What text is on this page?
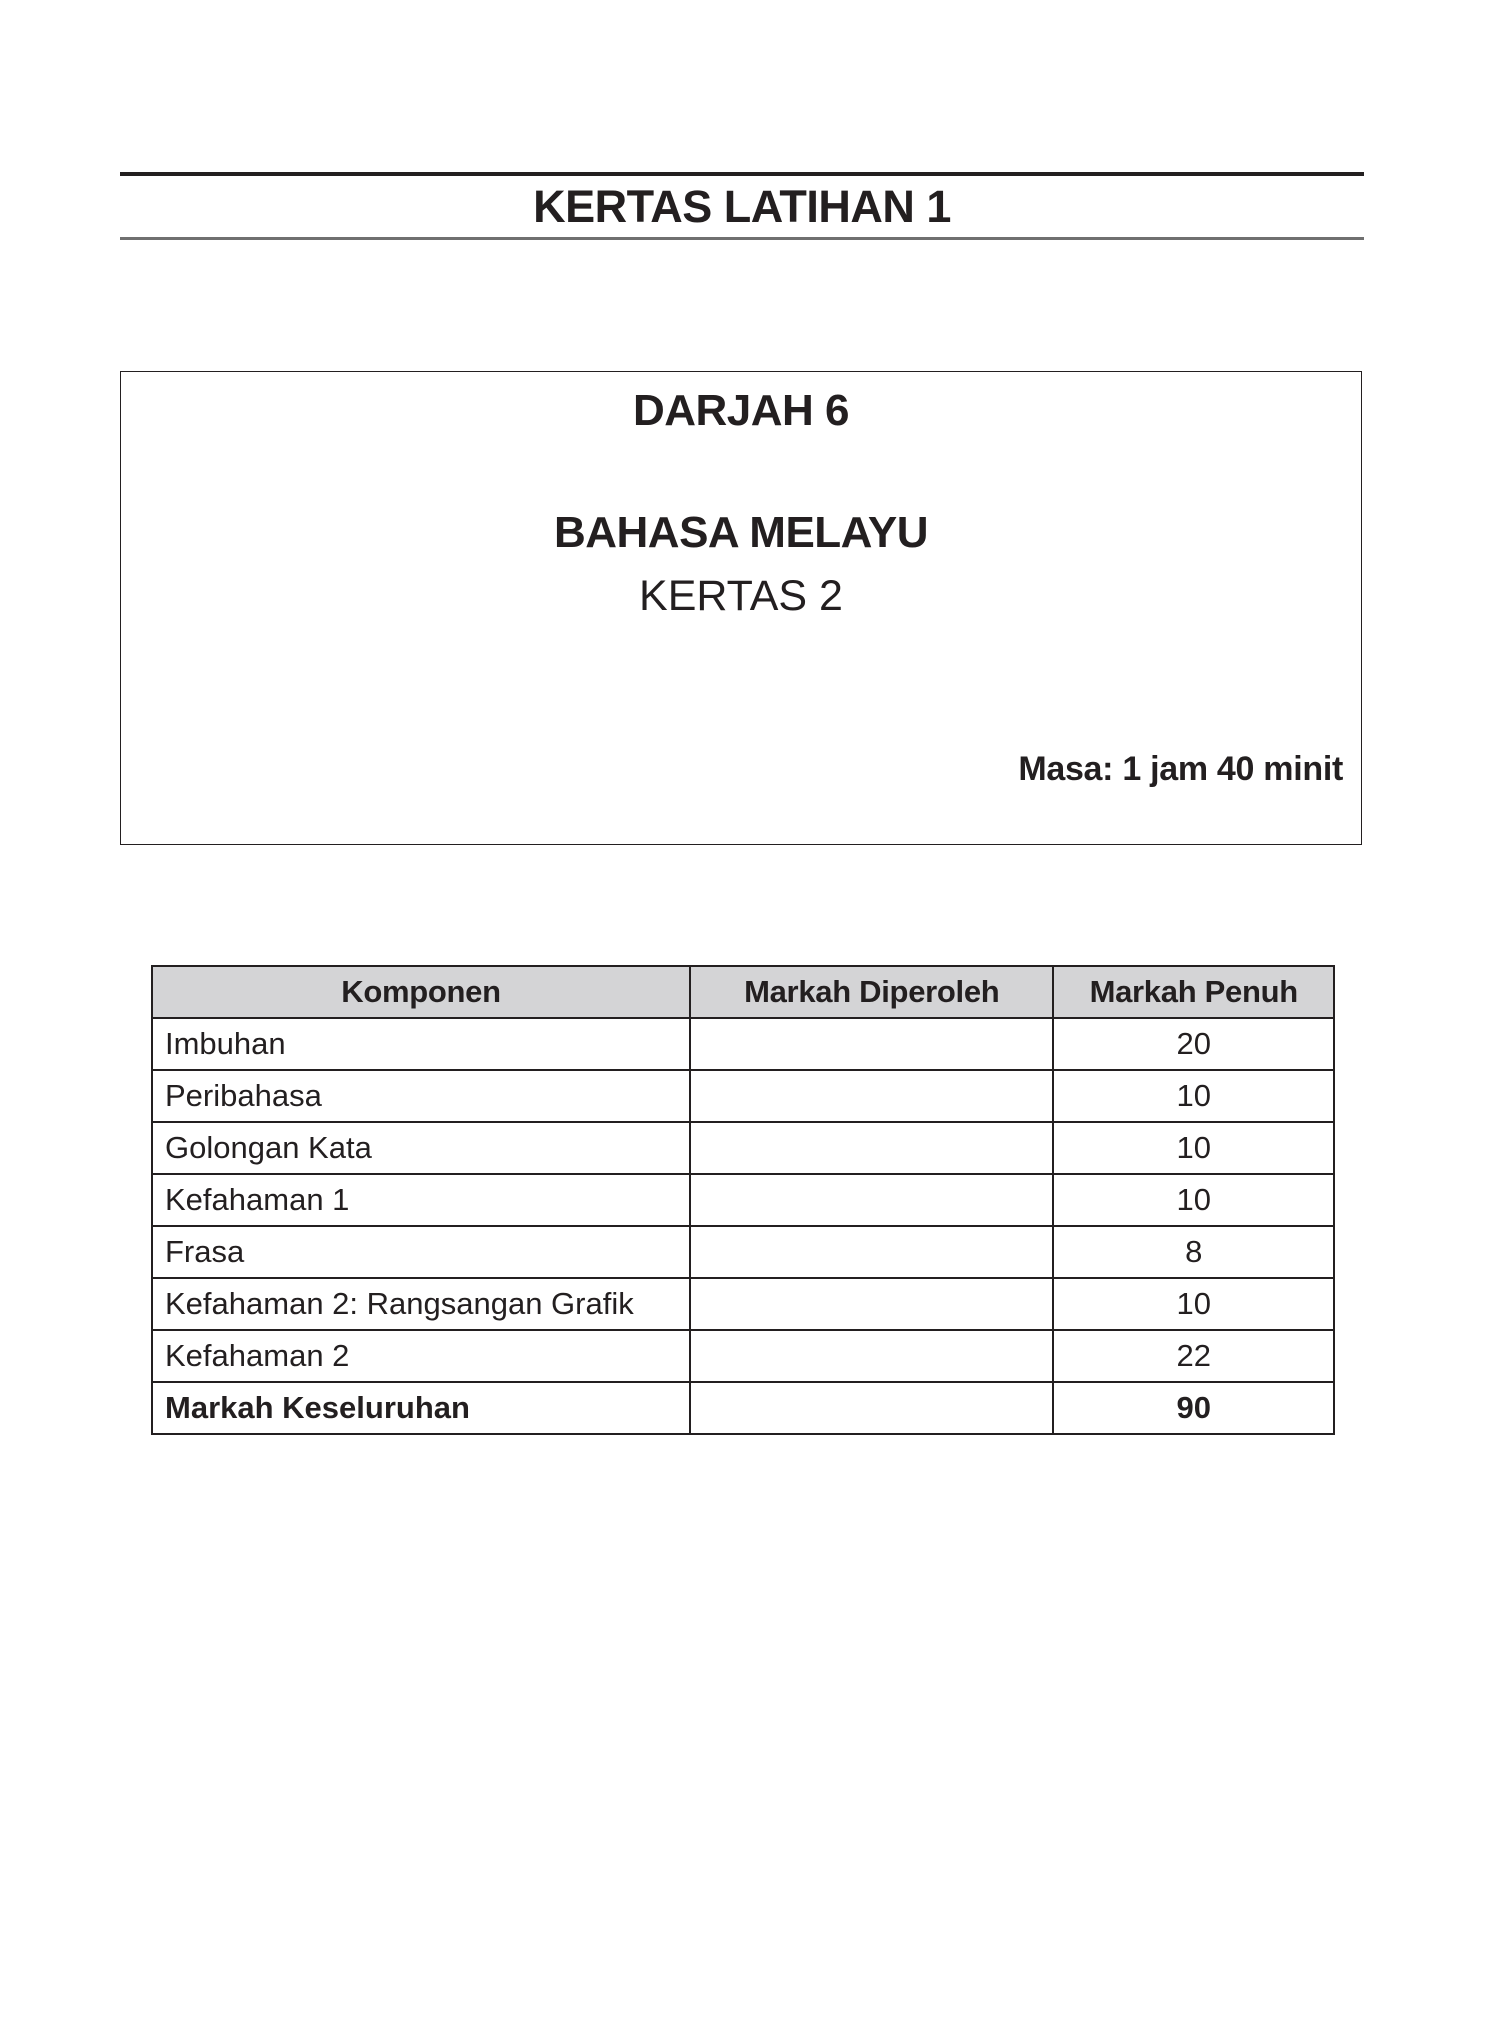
KERTAS LATIHAN 1
DARJAH 6
BAHASA MELAYU
KERTAS 2
Masa: 1 jam 40 minit
Komponen	Markah Diperoleh	Markah Penuh
Imbuhan		20
Peribahasa		10
Golongan Kata		10
Kefahaman 1		10
Frasa		8
Kefahaman 2: Rangsangan Grafik		10
Kefahaman 2		22
Markah Keseluruhan		90
